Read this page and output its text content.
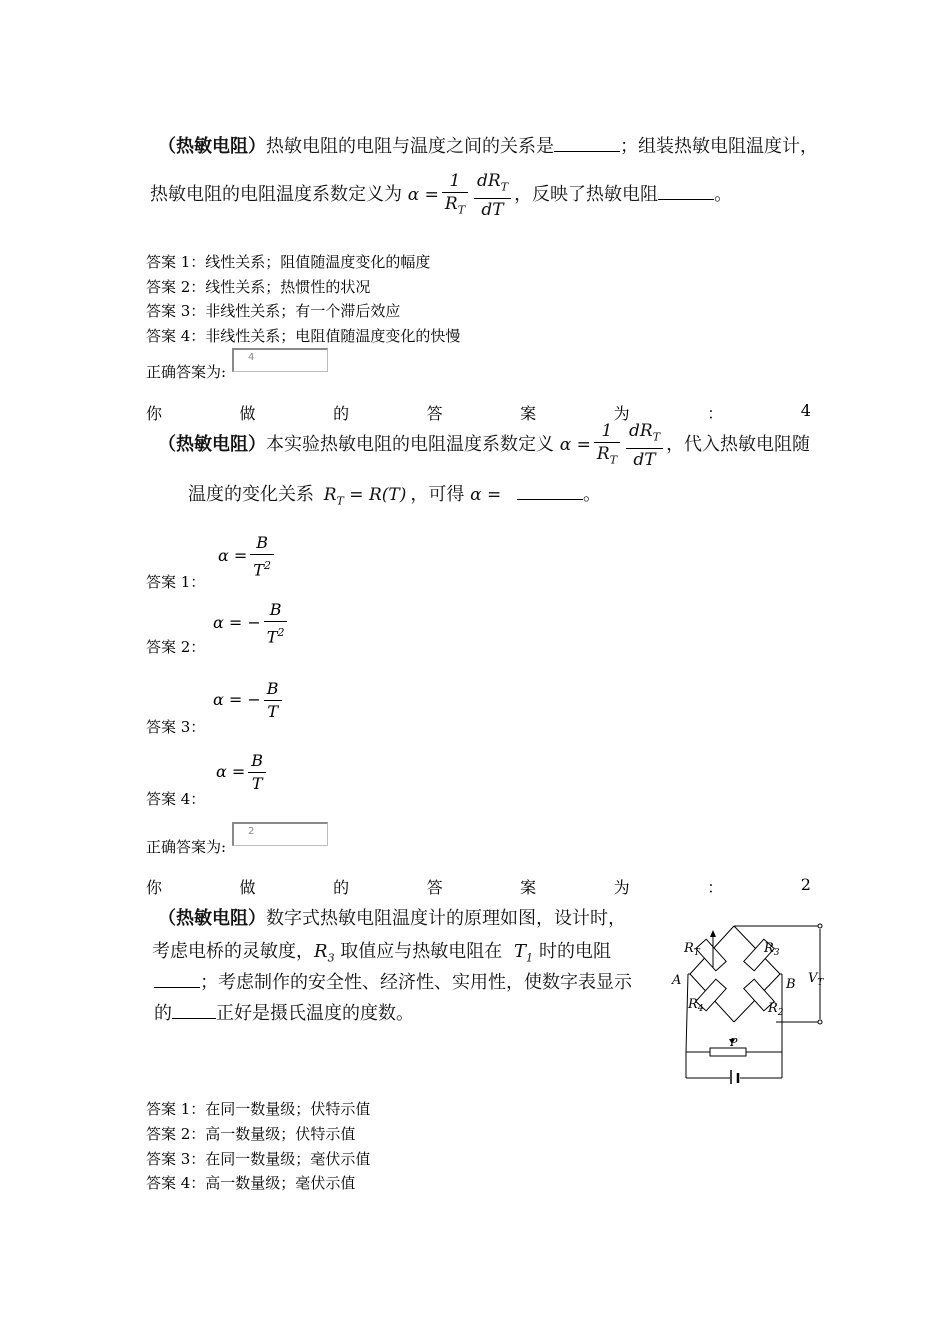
（热敏电阻）热敏电阻的电阻与温度之间的关系是	；组装热敏电阻温度计，
热敏电阻的电阻温度系数定义为 $\alpha = \frac{1}{R_T} \frac{dR_T}{dT}$ ，反映了热敏电阻	。
答案 1：线性关系；阻值随温度变化的幅度
答案 2：线性关系；热惯性的状况
答案 3：非线性关系；有一个滞后效应
答案 4：非线性关系；电阻值随温度变化的快慢
正确答案为:
4
你	做	的	答	案	为	：	4
（热敏电阻）本实验热敏电阻的电阻温度系数定义 $\alpha = \frac{1}{R_T} \frac{dR_T}{dT}$ ，代入热敏电阻随
温度的变化关系 $R_T = R(T)$ ，可得 α =	。
答案 1：
$\alpha = \frac{B}{T^2}$
答案 2：
α = − $\frac{B}{T^2}$
答案 3：
α = − $\frac{B}{T}$
答案 4：
$\alpha = \frac{B}{T}$
正确答案为:
2
你	做	的	答	案	为	：	2
（热敏电阻）数字式热敏电阻温度计的原理如图，设计时，
考虑电桥的灵敏度，$R_3$ 取值应与热敏电阻在 $T_1$ 时的电阻
；考虑制作的安全性、经济性、实用性，使数字表显示
的 正好是摄氏温度的度数。
$R_T$	$R_3$
A	B $V_T$
$R_4$	$R_2$
P
答案 1：在同一数量级；伏特示值
答案 2：高一数量级；伏特示值
答案 3：在同一数量级；毫伏示值
答案 4：高一数量级；毫伏示值
